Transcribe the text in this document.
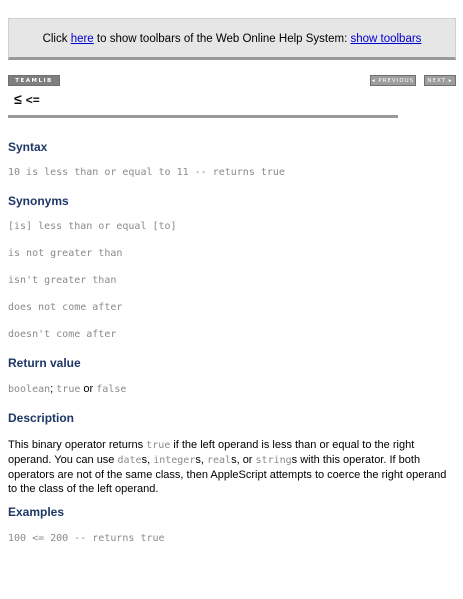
Click here to show toolbars of the Web Online Help System: show toolbars
TEAMLIB	◂ PREVIOUS	NEXT ▸
≤ <=
Syntax
10 is less than or equal to 11 -- returns true
Synonyms
[is] less than or equal [to]
is not greater than
isn't greater than
does not come after
doesn't come after
Return value
boolean; true or false
Description
This binary operator returns true if the left operand is less than or equal to the right operand. You can use dates, integers, reals, or strings with this operator. If both operators are not of the same class, then AppleScript attempts to coerce the right operand to the class of the left operand.
Examples
100 <= 200 -- returns true
